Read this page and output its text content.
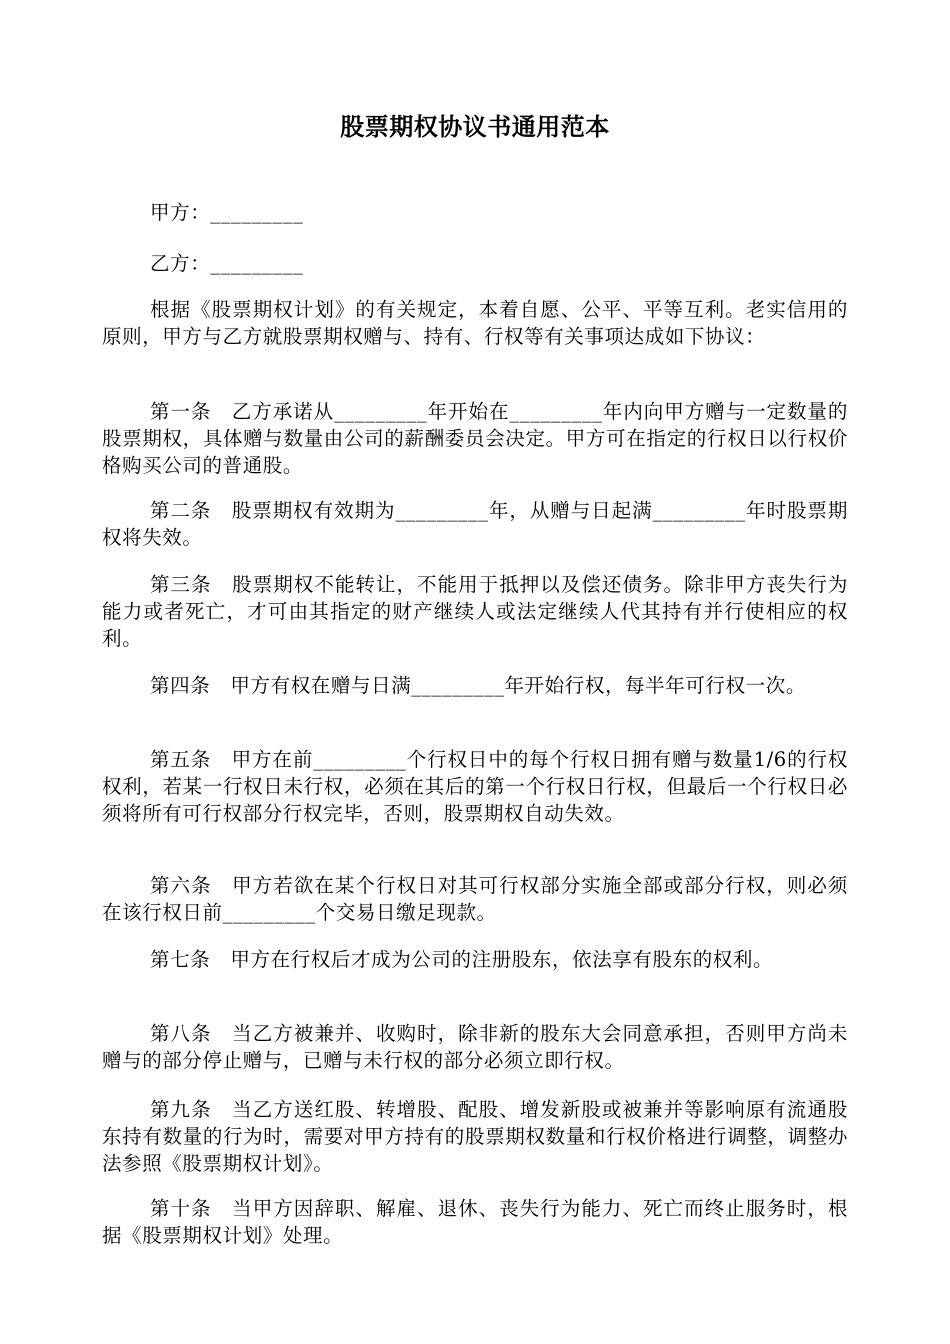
股票期权协议书通用范本

甲方：_________

乙方：_________

根据《股票期权计划》的有关规定，本着自愿、公平、平等互利。老实信用的原则，甲方与乙方就股票期权赠与、持有、行权等有关事项达成如下协议：

第一条　乙方承诺从_________年开始在_________年内向甲方赠与一定数量的股票期权，具体赠与数量由公司的薪酬委员会决定。甲方可在指定的行权日以行权价格购买公司的普通股。

第二条　股票期权有效期为_________年，从赠与日起满_________年时股票期权将失效。

第三条　股票期权不能转让，不能用于抵押以及偿还债务。除非甲方丧失行为能力或者死亡，才可由其指定的财产继续人或法定继续人代其持有并行使相应的权利。

第四条　甲方有权在赠与日满_________年开始行权，每半年可行权一次。

第五条　甲方在前_________个行权日中的每个行权日拥有赠与数量1/6的行权权利，若某一行权日未行权，必须在其后的第一个行权日行权，但最后一个行权日必须将所有可行权部分行权完毕，否则，股票期权自动失效。

第六条　甲方若欲在某个行权日对其可行权部分实施全部或部分行权，则必须在该行权日前_________个交易日缴足现款。

第七条　甲方在行权后才成为公司的注册股东，依法享有股东的权利。

第八条　当乙方被兼并、收购时，除非新的股东大会同意承担，否则甲方尚未赠与的部分停止赠与，已赠与未行权的部分必须立即行权。

第九条　当乙方送红股、转增股、配股、增发新股或被兼并等影响原有流通股东持有数量的行为时，需要对甲方持有的股票期权数量和行权价格进行调整，调整办法参照《股票期权计划》。

第十条　当甲方因辞职、解雇、退休、丧失行为能力、死亡而终止服务时，根据《股票期权计划》处理。
